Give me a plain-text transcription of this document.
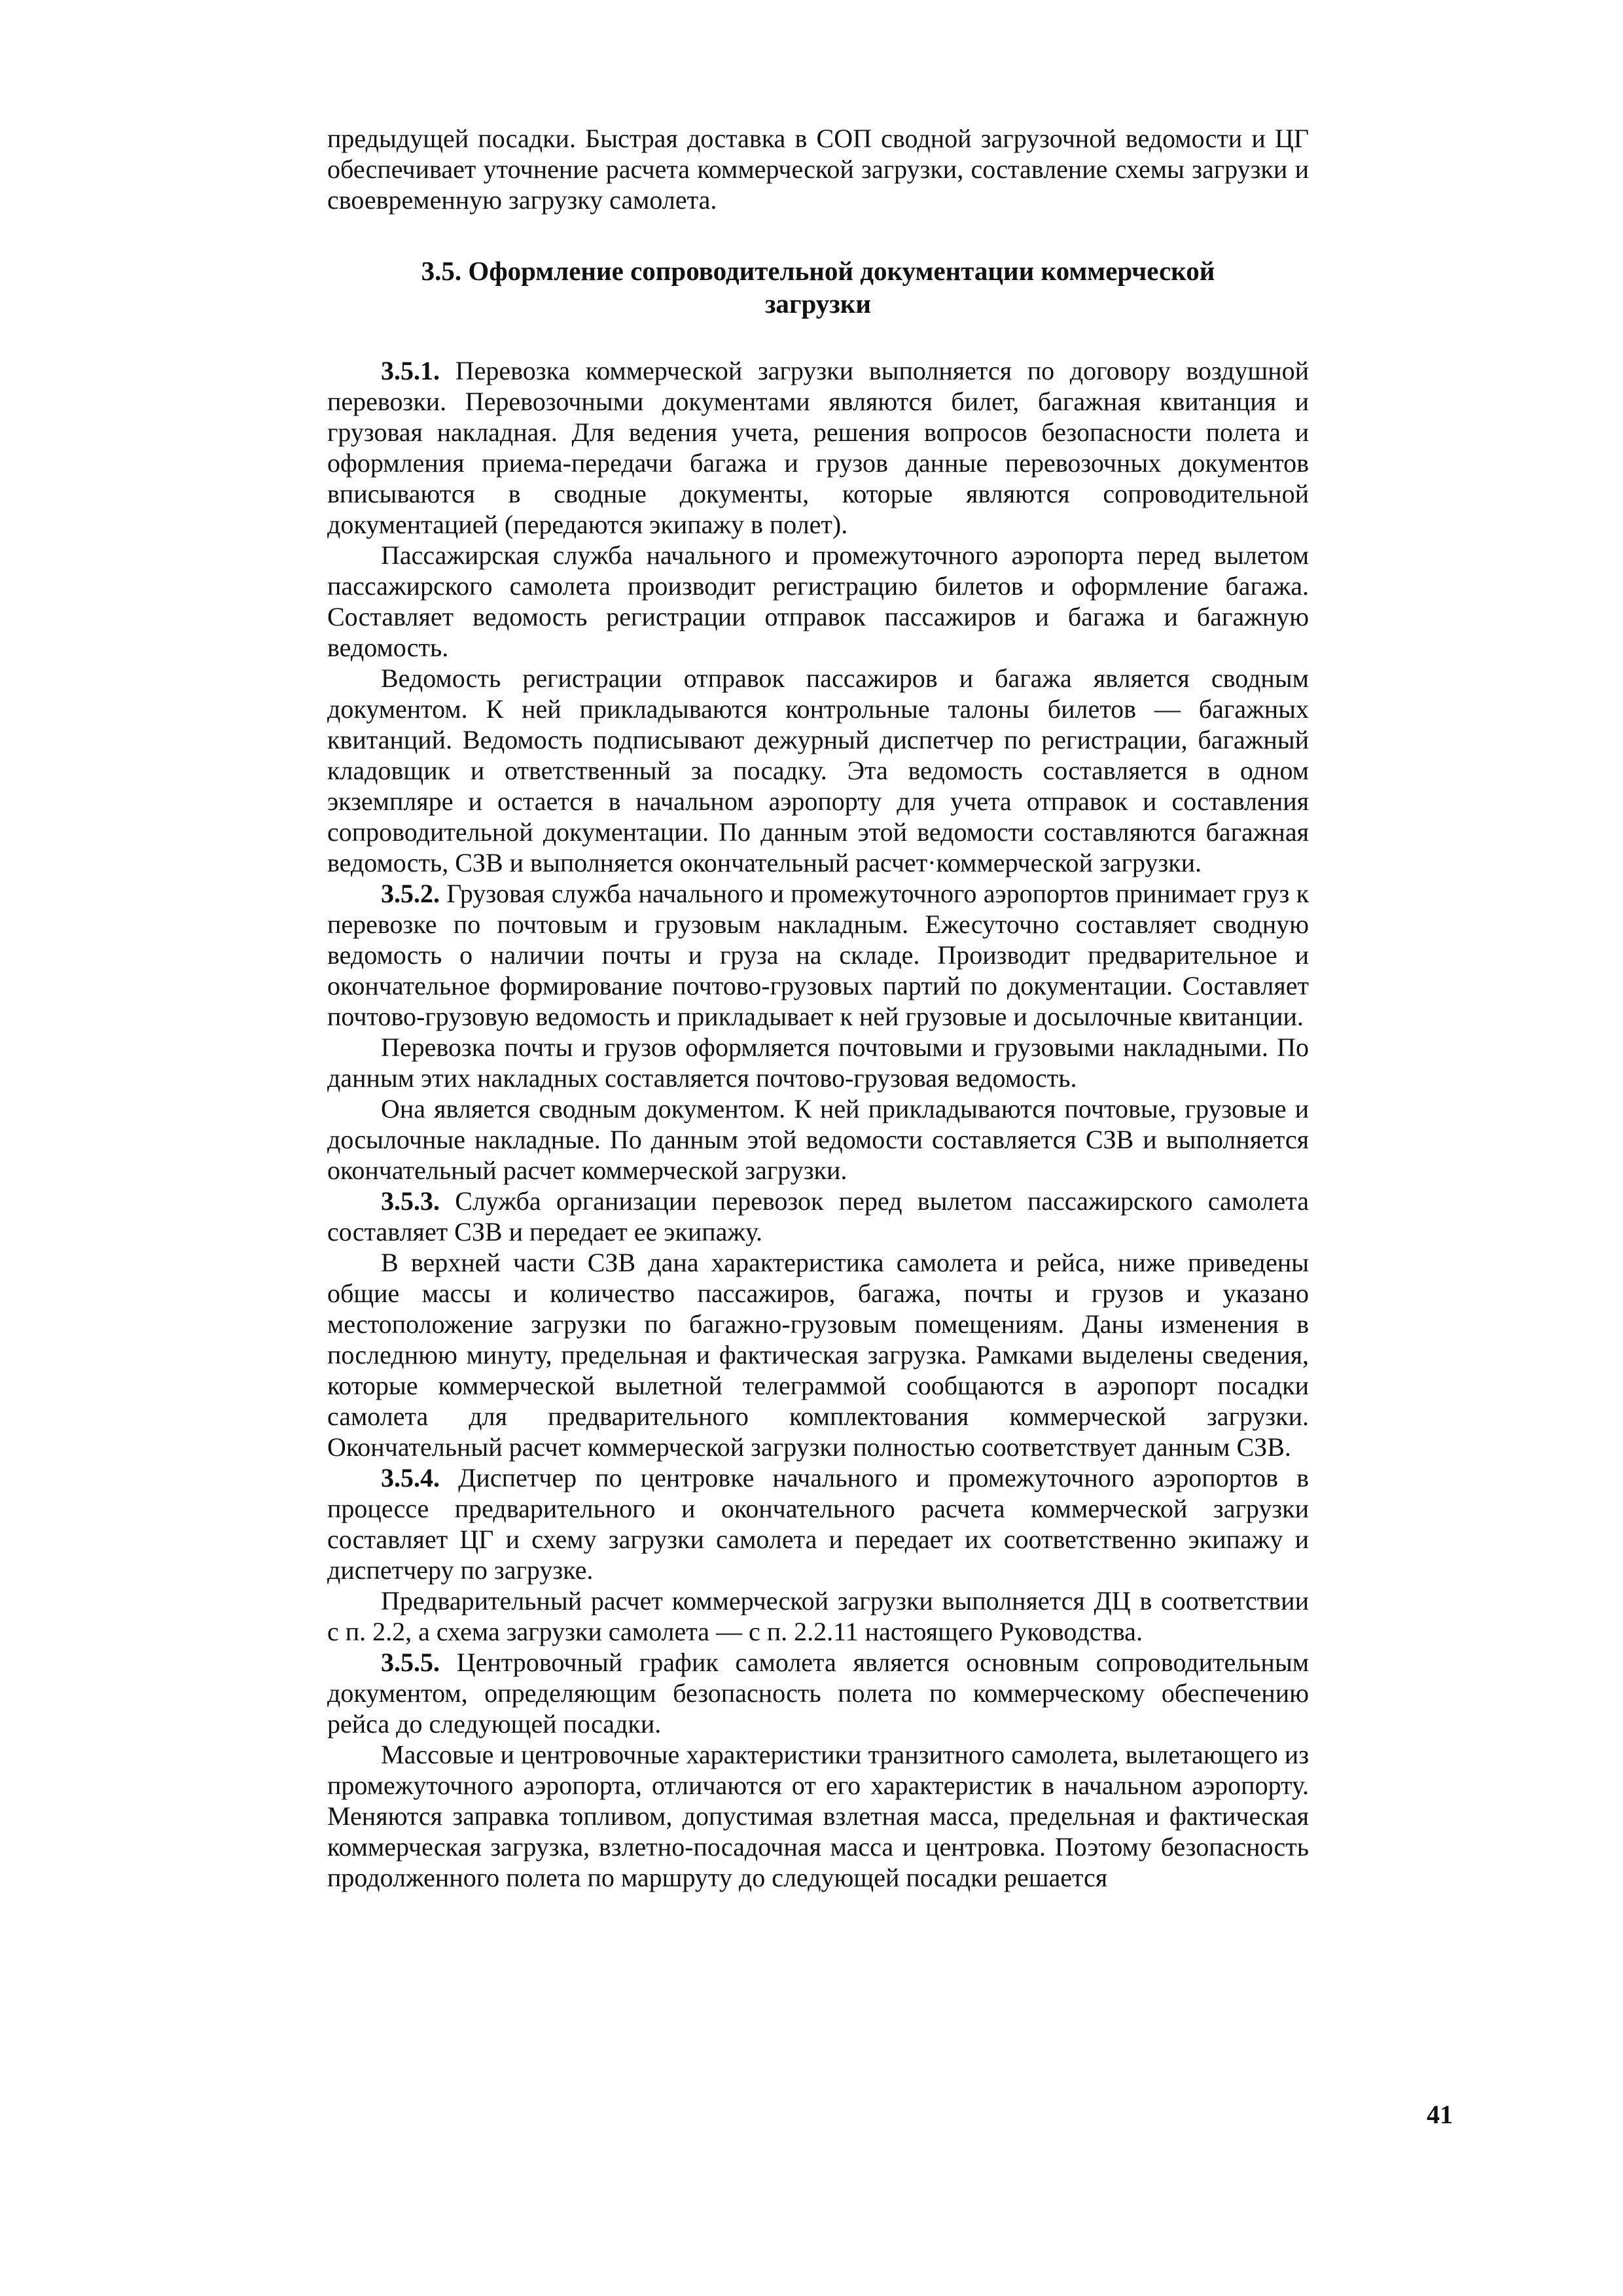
предыдущей посадки. Быстрая доставка в СОП сводной загрузочной ведомости и ЦГ обеспечивает уточнение расчета коммерческой загрузки, составление схемы загрузки и своевременную загрузку самолета.

3.5. Оформление сопроводительной документации коммерческой загрузки

3.5.1. Перевозка коммерческой загрузки выполняется по договору воздушной перевозки. Перевозочными документами являются билет, багажная квитанция и грузовая накладная. Для ведения учета, решения вопросов безопасности полета и оформления приема-передачи багажа и грузов данные перевозочных документов вписываются в сводные документы, которые являются сопроводительной документацией (передаются экипажу в полет).

Пассажирская служба начального и промежуточного аэропорта перед вылетом пассажирского самолета производит регистрацию билетов и оформление багажа. Составляет ведомость регистрации отправок пассажиров и багажа и багажную ведомость.

Ведомость регистрации отправок пассажиров и багажа является сводным документом. К ней прикладываются контрольные талоны билетов — багажных квитанций. Ведомость подписывают дежурный диспетчер по регистрации, багажный кладовщик и ответственный за посадку. Эта ведомость составляется в одном экземпляре и остается в начальном аэропорту для учета отправок и составления сопроводительной документации. По данным этой ведомости составляются багажная ведомость, СЗВ и выполняется окончательный расчет·коммерческой загрузки.

3.5.2. Грузовая служба начального и промежуточного аэропортов принимает груз к перевозке по почтовым и грузовым накладным. Ежесуточно составляет сводную ведомость о наличии почты и груза на складе. Производит предварительное и окончательное формирование почтово-грузовых партий по документации. Составляет почтово-грузовую ведомость и прикладывает к ней грузовые и досылочные квитанции.

Перевозка почты и грузов оформляется почтовыми и грузовыми накладными. По данным этих накладных составляется почтово-грузовая ведомость.

Она является сводным документом. К ней прикладываются почтовые, грузовые и досылочные накладные. По данным этой ведомости составляется СЗВ и выполняется окончательный расчет коммерческой загрузки.

3.5.3. Служба организации перевозок перед вылетом пассажирского самолета составляет СЗВ и передает ее экипажу.

В верхней части СЗВ дана характеристика самолета и рейса, ниже приведены общие массы и количество пассажиров, багажа, почты и грузов и указано местоположение загрузки по багажно-грузовым помещениям. Даны изменения в последнюю минуту, предельная и фактическая загрузка. Рамками выделены сведения, которые коммерческой вылетной телеграммой сообщаются в аэропорт посадки самолета для предварительного комплектования коммерческой загрузки. Окончательный расчет коммерческой загрузки полностью соответствует данным СЗВ.

3.5.4. Диспетчер по центровке начального и промежуточного аэропортов в процессе предварительного и окончательного расчета коммерческой загрузки составляет ЦГ и схему загрузки самолета и передает их соответственно экипажу и диспетчеру по загрузке.

Предварительный расчет коммерческой загрузки выполняется ДЦ в соответствии с п. 2.2, а схема загрузки самолета — с п. 2.2.11 настоящего Руководства.

3.5.5. Центровочный график самолета является основным сопроводительным документом, определяющим безопасность полета по коммерческому обеспечению рейса до следующей посадки.

Массовые и центровочные характеристики транзитного самолета, вылетающего из промежуточного аэропорта, отличаются от его характеристик в начальном аэропорту. Меняются заправка топливом, допустимая взлетная масса, предельная и фактическая коммерческая загрузка, взлетно-посадочная масса и центровка. Поэтому безопасность продолженного полета по маршруту до следующей посадки решается

41
